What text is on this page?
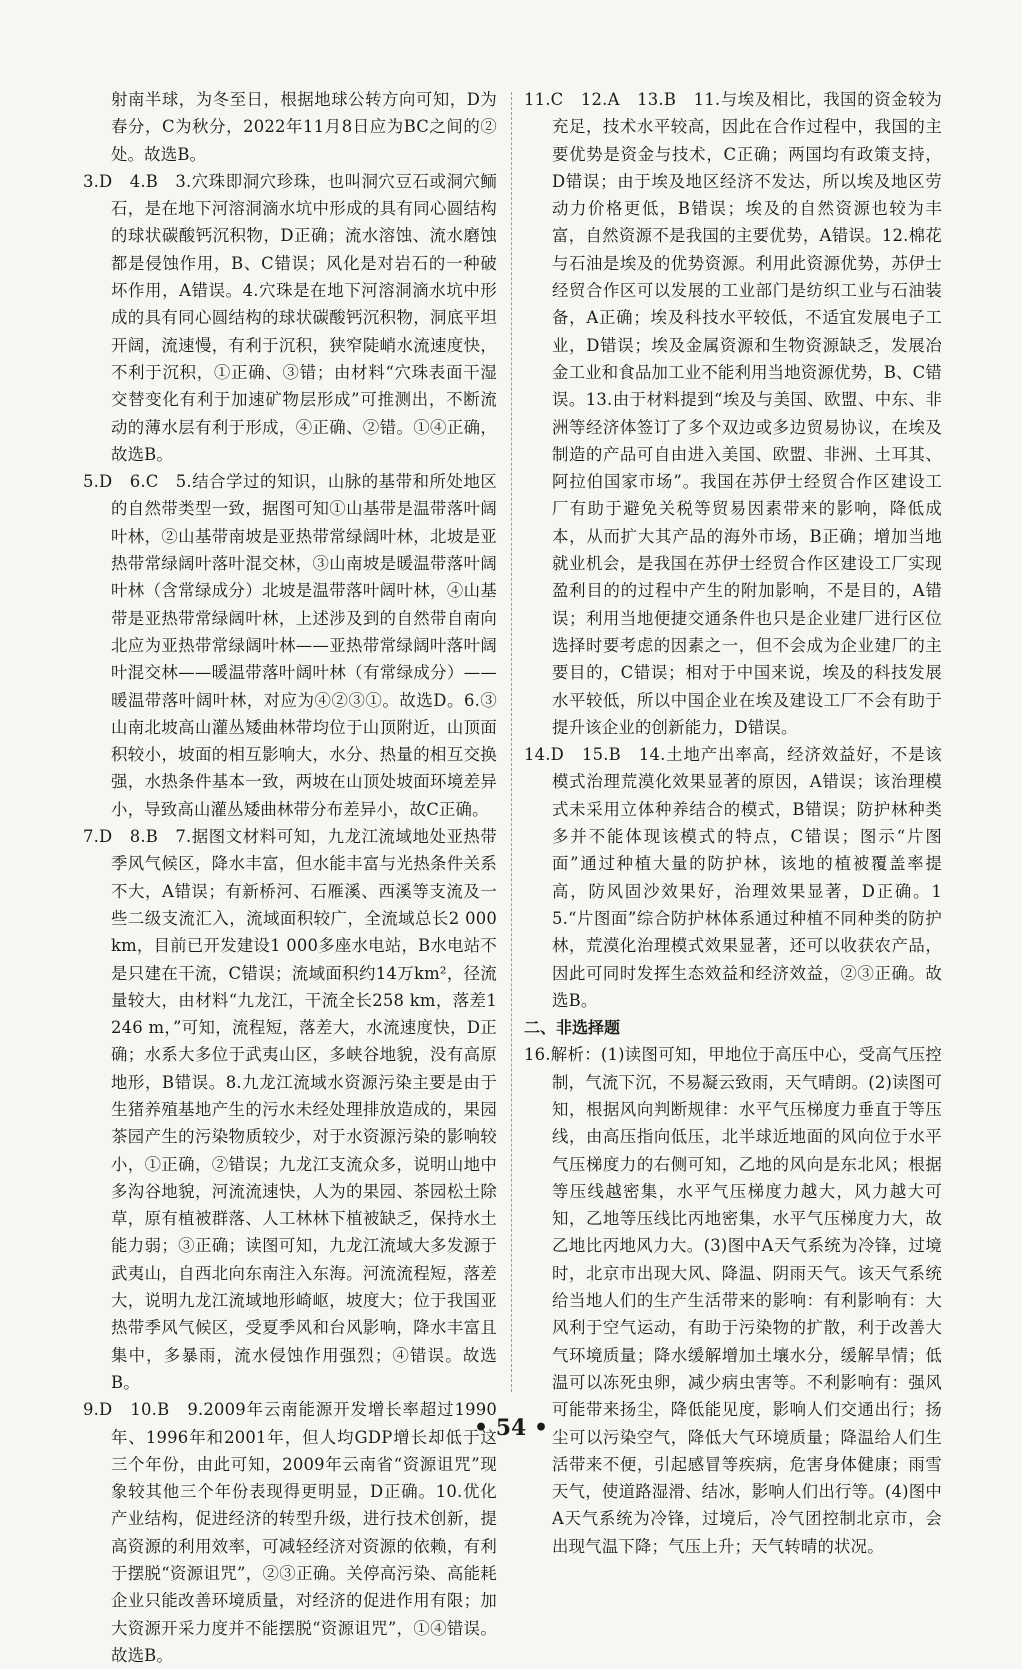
射南半球，为冬至日，根据地球公转方向可知，D为春分，C为秋分，2022年11月8日应为BC之间的②处。故选B。

3.D　4.B　3.穴珠即洞穴珍珠，也叫洞穴豆石或洞穴鲕石，是在地下河溶洞滴水坑中形成的具有同心圆结构的球状碳酸钙沉积物，D正确；流水溶蚀、流水磨蚀都是侵蚀作用，B、C错误；风化是对岩石的一种破坏作用，A错误。4.穴珠是在地下河溶洞滴水坑中形成的具有同心圆结构的球状碳酸钙沉积物，洞底平坦开阔，流速慢，有利于沉积，狭窄陡峭水流速度快，不利于沉积，①正确、③错；由材料“穴珠表面干湿交替变化有利于加速矿物层形成”可推测出，不断流动的薄水层有利于形成，④正确、②错。①④正确，故选B。

5.D　6.C　5.结合学过的知识，山脉的基带和所处地区的自然带类型一致，据图可知①山基带是温带落叶阔叶林，②山基带南坡是亚热带常绿阔叶林，北坡是亚热带常绿阔叶落叶混交林，③山南坡是暖温带落叶阔叶林（含常绿成分）北坡是温带落叶阔叶林，④山基带是亚热带常绿阔叶林，上述涉及到的自然带自南向北应为亚热带常绿阔叶林——亚热带常绿阔叶落叶阔叶混交林——暖温带落叶阔叶林（有常绿成分）——暖温带落叶阔叶林，对应为④②③①。故选D。6.③山南北坡高山灌丛矮曲林带均位于山顶附近，山顶面积较小，坡面的相互影响大，水分、热量的相互交换强，水热条件基本一致，两坡在山顶处坡面环境差异小，导致高山灌丛矮曲林带分布差异小，故C正确。

7.D　8.B　7.据图文材料可知，九龙江流域地处亚热带季风气候区，降水丰富，但水能丰富与光热条件关系不大，A错误；有新桥河、石雁溪、西溪等支流及一些二级支流汇入，流域面积较广，全流域总长2 000 km，目前已开发建设1 000多座水电站，B水电站不是只建在干流，C错误；流域面积约14万km²，径流量较大，由材料“九龙江，干流全长258 km，落差1 246 m，”可知，流程短，落差大，水流速度快，D正确；水系大多位于武夷山区，多峡谷地貌，没有高原地形，B错误。8.九龙江流域水资源污染主要是由于生猪养殖基地产生的污水未经处理排放造成的，果园茶园产生的污染物质较少，对于水资源污染的影响较小，①正确，②错误；九龙江支流众多，说明山地中多沟谷地貌，河流流速快，人为的果园、茶园松土除草，原有植被群落、人工林林下植被缺乏，保持水土能力弱；③正确；读图可知，九龙江流域大多发源于武夷山，自西北向东南注入东海。河流流程短，落差大，说明九龙江流域地形崎岖，坡度大；位于我国亚热带季风气候区，受夏季风和台风影响，降水丰富且集中，多暴雨，流水侵蚀作用强烈；④错误。故选B。

9.D　10.B　9.2009年云南能源开发增长率超过1990年、1996年和2001年，但人均GDP增长却低于这三个年份，由此可知，2009年云南省“资源诅咒”现象较其他三个年份表现得更明显，D正确。10.优化产业结构，促进经济的转型升级，进行技术创新，提高资源的利用效率，可减轻经济对资源的依赖，有利于摆脱“资源诅咒”，②③正确。关停高污染、高能耗企业只能改善环境质量，对经济的促进作用有限；加大资源开采力度并不能摆脱“资源诅咒”，①④错误。故选B。

11.C　12.A　13.B　11.与埃及相比，我国的资金较为充足，技术水平较高，因此在合作过程中，我国的主要优势是资金与技术，C正确；两国均有政策支持，D错误；由于埃及地区经济不发达，所以埃及地区劳动力价格更低，B错误；埃及的自然资源也较为丰富，自然资源不是我国的主要优势，A错误。12.棉花与石油是埃及的优势资源。利用此资源优势，苏伊士经贸合作区可以发展的工业部门是纺织工业与石油装备，A正确；埃及科技水平较低，不适宜发展电子工业，D错误；埃及金属资源和生物资源缺乏，发展冶金工业和食品加工业不能利用当地资源优势，B、C错误。13.由于材料提到“埃及与美国、欧盟、中东、非洲等经济体签订了多个双边或多边贸易协议，在埃及制造的产品可自由进入美国、欧盟、非洲、土耳其、阿拉伯国家市场”。我国在苏伊士经贸合作区建设工厂有助于避免关税等贸易因素带来的影响，降低成本，从而扩大其产品的海外市场，B正确；增加当地就业机会，是我国在苏伊士经贸合作区建设工厂实现盈利目的的过程中产生的附加影响，不是目的，A错误；利用当地便捷交通条件也只是企业建厂进行区位选择时要考虑的因素之一，但不会成为企业建厂的主要目的，C错误；相对于中国来说，埃及的科技发展水平较低，所以中国企业在埃及建设工厂不会有助于提升该企业的创新能力，D错误。

14.D　15.B　14.土地产出率高，经济效益好，不是该模式治理荒漠化效果显著的原因，A错误；该治理模式未采用立体种养结合的模式，B错误；防护林种类多并不能体现该模式的特点，C错误；图示“片图面”通过种植大量的防护林，该地的植被覆盖率提高，防风固沙效果好，治理效果显著，D正确。15.“片图面”综合防护林体系通过种植不同种类的防护林，荒漠化治理模式效果显著，还可以收获农产品，因此可同时发挥生态效益和经济效益，②③正确。故选B。

二、非选择题

16.解析：(1)读图可知，甲地位于高压中心，受高气压控制，气流下沉，不易凝云致雨，天气晴朗。(2)读图可知，根据风向判断规律：水平气压梯度力垂直于等压线，由高压指向低压，北半球近地面的风向位于水平气压梯度力的右侧可知，乙地的风向是东北风；根据等压线越密集，水平气压梯度力越大，风力越大可知，乙地等压线比丙地密集，水平气压梯度力大，故乙地比丙地风力大。(3)图中A天气系统为冷锋，过境时，北京市出现大风、降温、阴雨天气。该天气系统给当地人们的生产生活带来的影响：有利影响有：大风利于空气运动，有助于污染物的扩散，利于改善大气环境质量；降水缓解增加土壤水分，缓解旱情；低温可以冻死虫卵，减少病虫害等。不利影响有：强风可能带来扬尘，降低能见度，影响人们交通出行；扬尘可以污染空气，降低大气环境质量；降温给人们生活带来不便，引起感冒等疾病，危害身体健康；雨雪天气，使道路湿滑、结冰，影响人们出行等。(4)图中A天气系统为冷锋，过境后，冷气团控制北京市，会出现气温下降；气压上升；天气转晴的状况。

• 54 •
